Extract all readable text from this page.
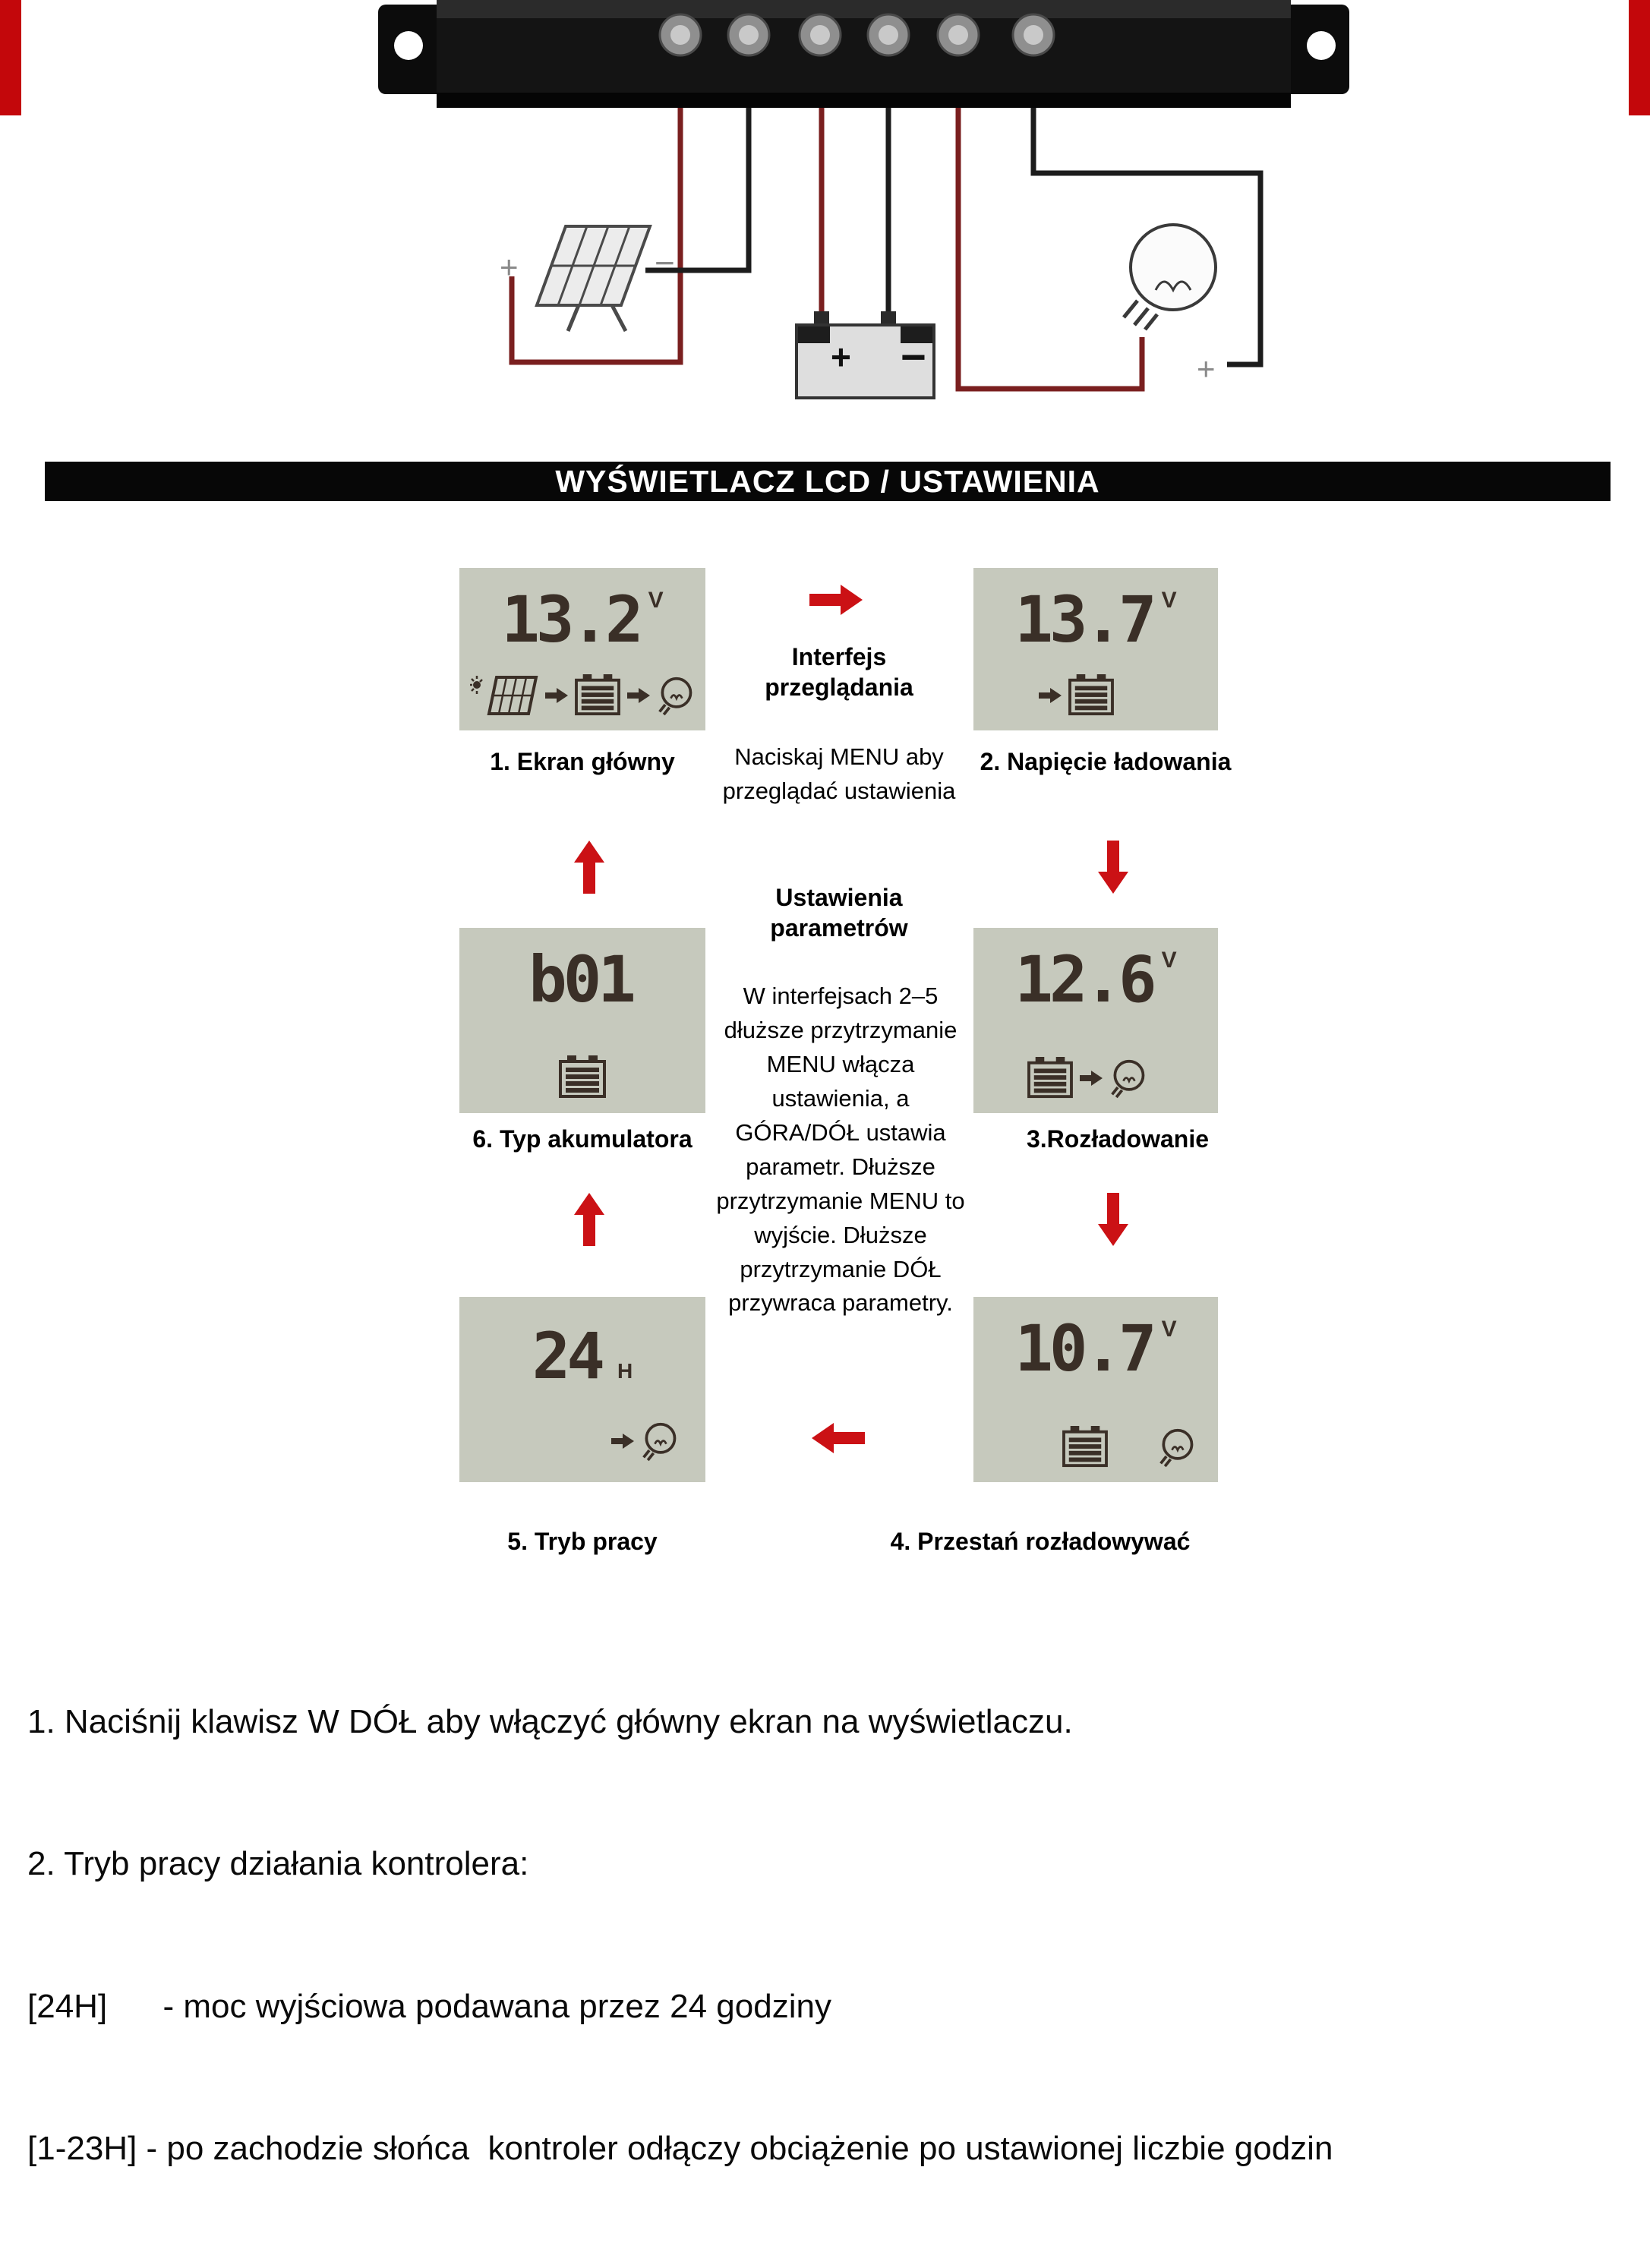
+	−
+ −	+
WYŚWIETLACZ LCD / USTAWIENIA
13.2 V
1. Ekran główny
13.7 V
2. Napięcie ładowania
b01
6. Typ akumulatora
12.6 V
3.Rozładowanie
24 H
5. Tryb pracy
10.7 V
4. Przestań rozładowywać
Interfejs przeglądania
Naciskaj MENU aby przeglądać ustawienia
Ustawienia parametrów
W interfejsach 2–5 dłuższe przytrzymanie MENU włącza ustawienia, a GÓRA/DÓŁ ustawia parametr. Dłuższe przytrzymanie MENU to wyjście. Dłuższe przytrzymanie DÓŁ przywraca parametry.

1. Naciśnij klawisz W DÓŁ aby włączyć główny ekran na wyświetlaczu.

2. Tryb pracy działania kontrolera:

[24H]      - moc wyjściowa podawana przez 24 godziny

[1-23H] - po zachodzie słońca  kontroler odłączy obciążenie po ustawionej liczbie godzin
